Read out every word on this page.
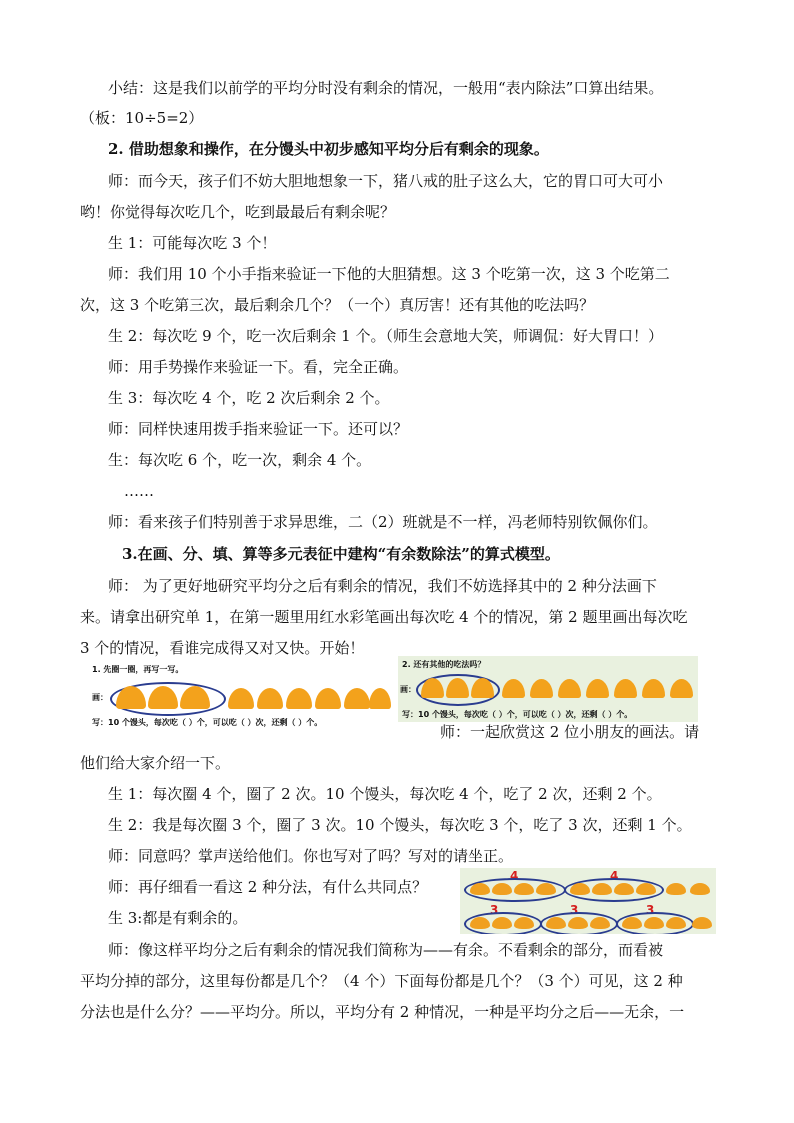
小结：这是我们以前学的平均分时没有剩余的情况，一般用“表内除法”口算出结果。
（板：10÷5=2）
2. 借助想象和操作，在分馒头中初步感知平均分后有剩余的现象。
师：而今天，孩子们不妨大胆地想象一下，猪八戒的肚子这么大，它的胃口可大可小
哟！你觉得每次吃几个，吃到最最后有剩余呢？
生 1：可能每次吃 3 个！
师：我们用 10 个小手指来验证一下他的大胆猜想。这 3 个吃第一次，这 3 个吃第二
次，这 3 个吃第三次，最后剩余几个？（一个）真厉害！还有其他的吃法吗？
生 2：每次吃 9 个，吃一次后剩余 1 个。（师生会意地大笑，师调侃：好大胃口！）
师：用手势操作来验证一下。看，完全正确。
生 3：每次吃 4 个，吃 2 次后剩余 2 个。
师：同样快速用拨手指来验证一下。还可以？
生：每次吃 6 个，吃一次，剩余 4 个。
……
师：看来孩子们特别善于求异思维，二（2）班就是不一样，冯老师特别钦佩你们。
3.在画、分、填、算等多元表征中建构“有余数除法”的算式模型。
师： 为了更好地研究平均分之后有剩余的情况，我们不妨选择其中的 2 种分法画下
来。请拿出研究单 1，在第一题里用红水彩笔画出每次吃 4 个的情况，第 2 题里画出每次吃
3 个的情况，看谁完成得又对又快。开始！
1. 先圈一圈，再写一写。
画：
写：10 个馒头，每次吃（ ）个，可以吃（ ）次，还剩（ ）个。
2. 还有其他的吃法吗？
画：
写：10 个馒头，每次吃（ ）个，可以吃（ ）次，还剩（ ）个。
师：一起欣赏这 2 位小朋友的画法。请
他们给大家介绍一下。
生 1：每次圈 4 个，圈了 2 次。10 个馒头，每次吃 4 个，吃了 2 次，还剩 2 个。
生 2：我是每次圈 3 个，圈了 3 次。10 个馒头，每次吃 3 个，吃了 3 次，还剩 1 个。
师：同意吗？掌声送给他们。你也写对了吗？写对的请坐正。
师：再仔细看一看这 2 种分法，有什么共同点？
4	4
3	3	3
生 3:都是有剩余的。
师：像这样平均分之后有剩余的情况我们简称为——有余。不看剩余的部分，而看被
平均分掉的部分，这里每份都是几个？（4 个）下面每份都是几个？（3 个）可见，这 2 种
分法也是什么分？——平均分。所以，平均分有 2 种情况，一种是平均分之后——无余，一
